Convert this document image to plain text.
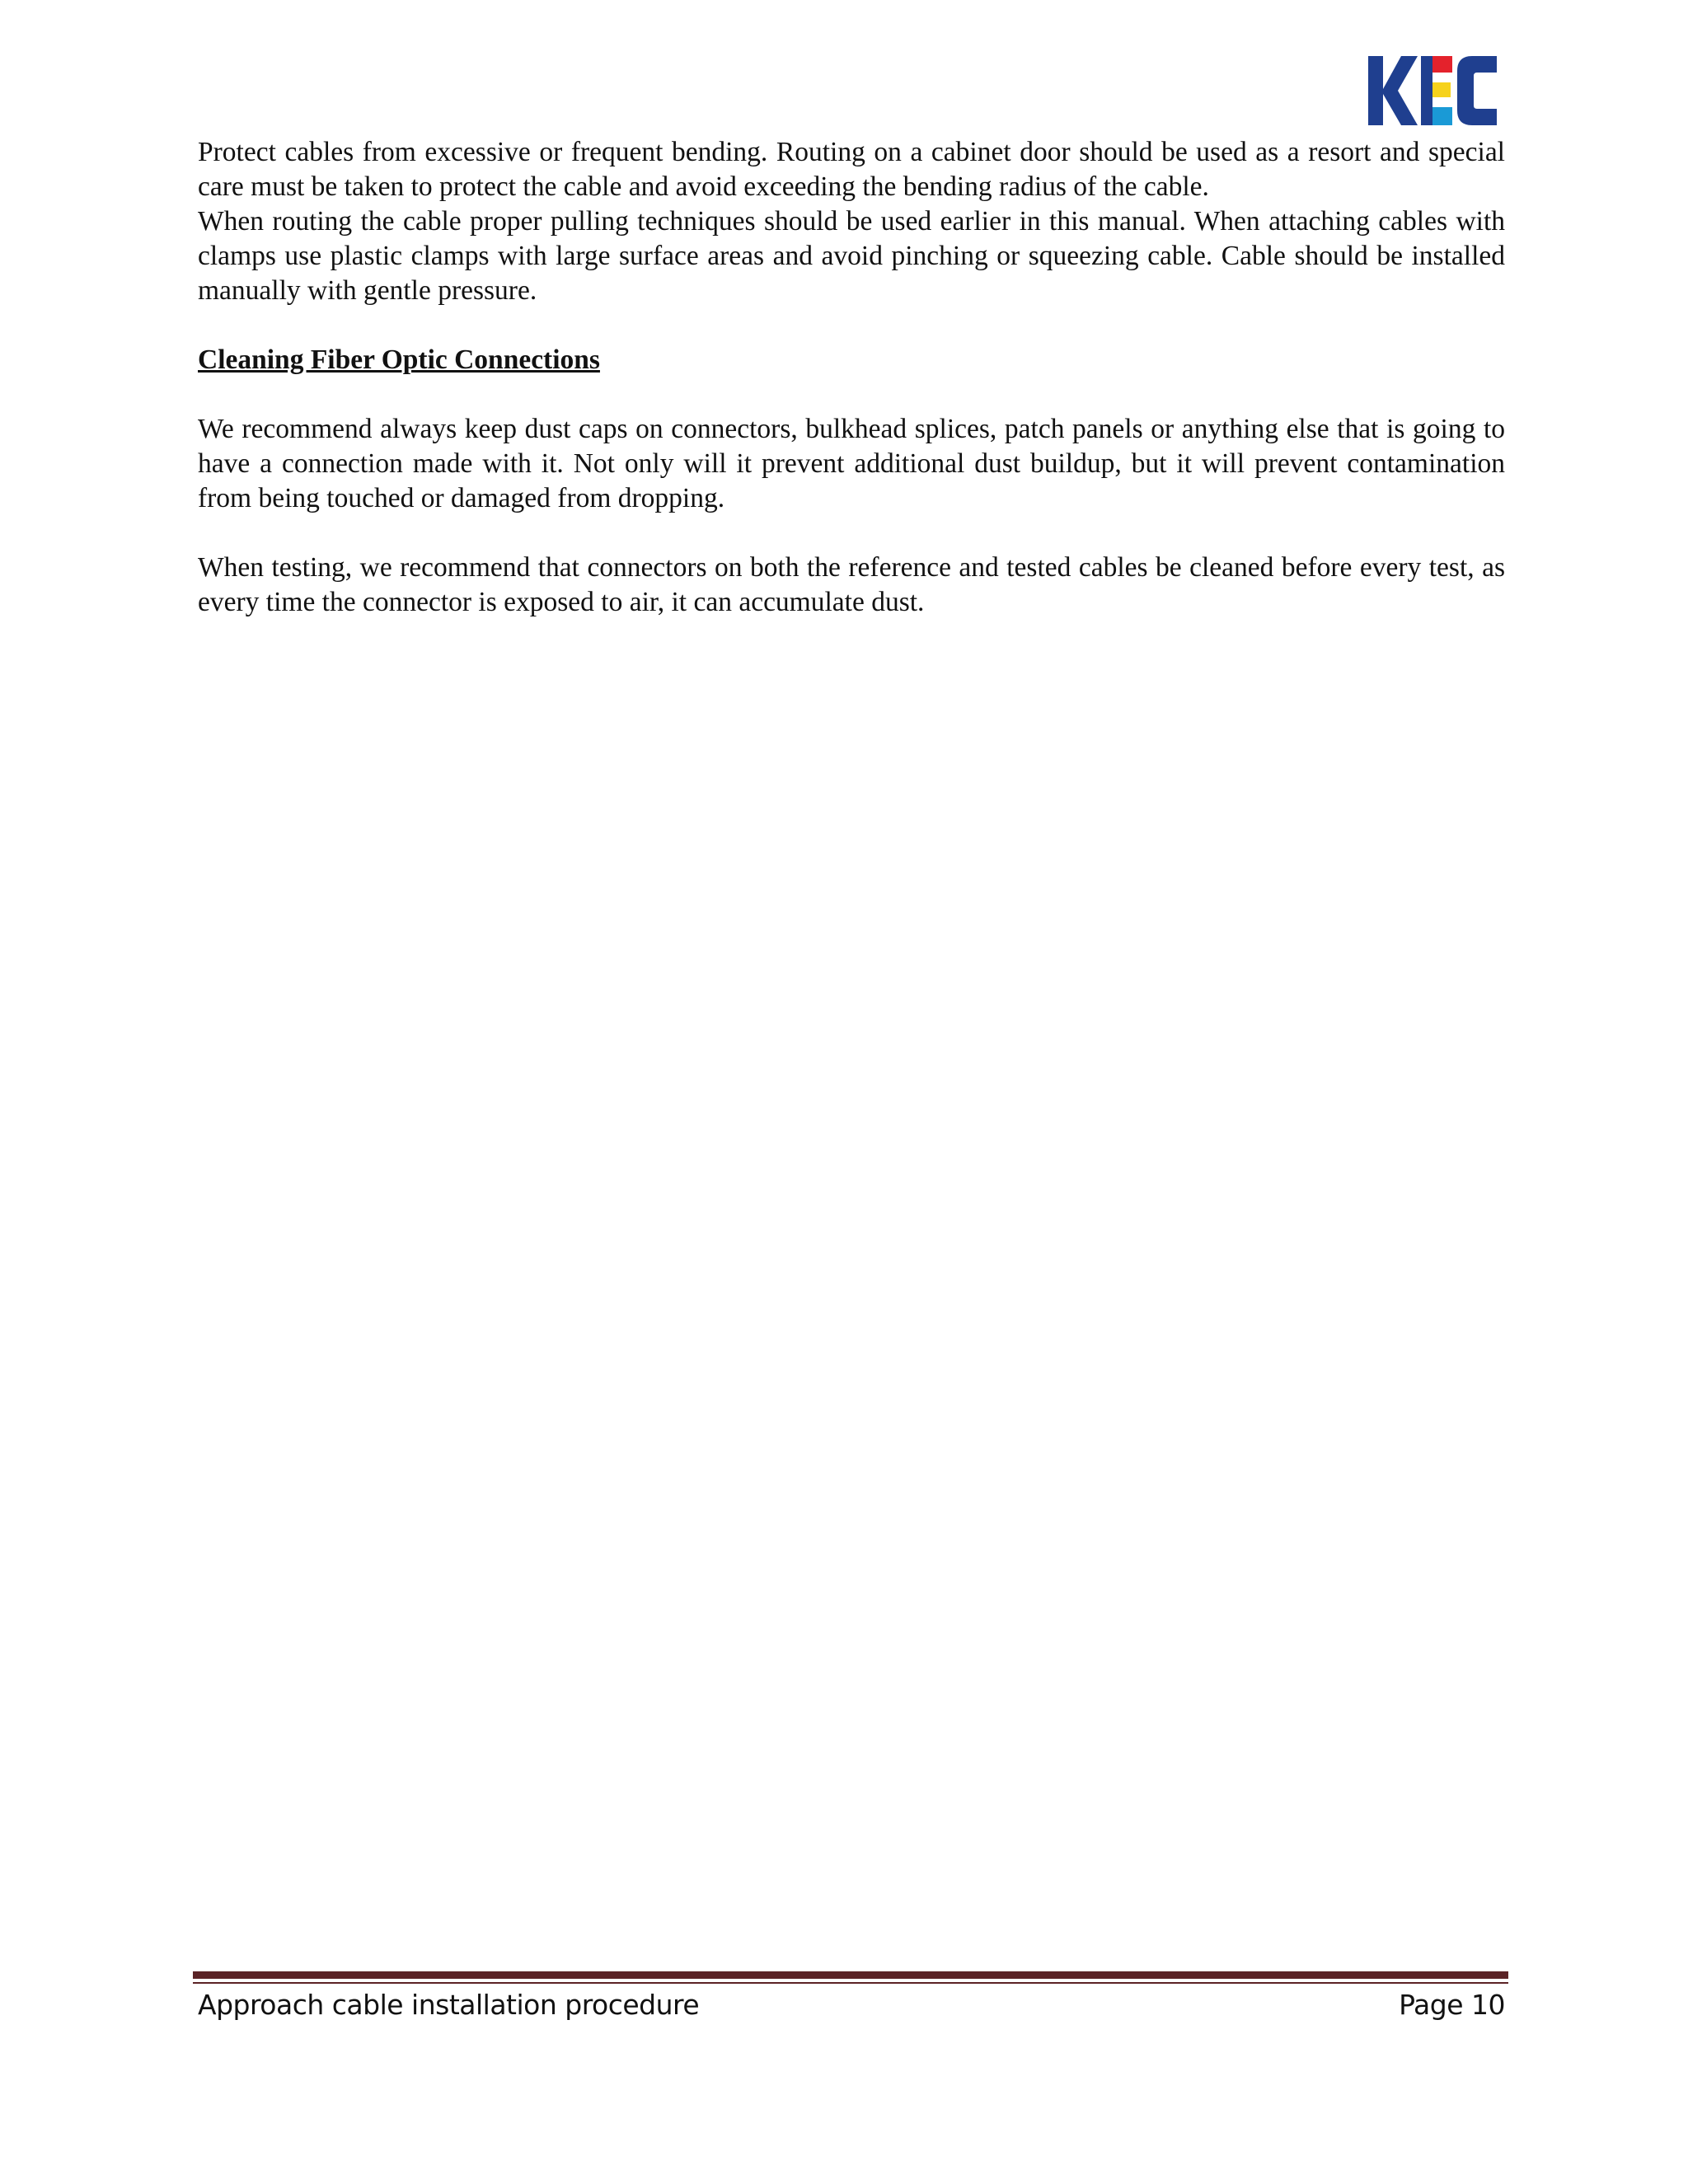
Protect cables from excessive or frequent bending. Routing on a cabinet door should be used as a resort and special care must be taken to protect the cable and avoid exceeding the bending radius of the cable.

When routing the cable proper pulling techniques should be used earlier in this manual. When attaching cables with clamps use plastic clamps with large surface areas and avoid pinching or squeezing cable. Cable should be installed manually with gentle pressure.

Cleaning Fiber Optic Connections

We recommend always keep dust caps on connectors, bulkhead splices, patch panels or anything else that is going to have a connection made with it. Not only will it prevent additional dust buildup, but it will prevent contamination from being touched or damaged from dropping.

When testing, we recommend that connectors on both the reference and tested cables be cleaned before every test, as every time the connector is exposed to air, it can accumulate dust.

Approach cable installation procedure	Page 10
